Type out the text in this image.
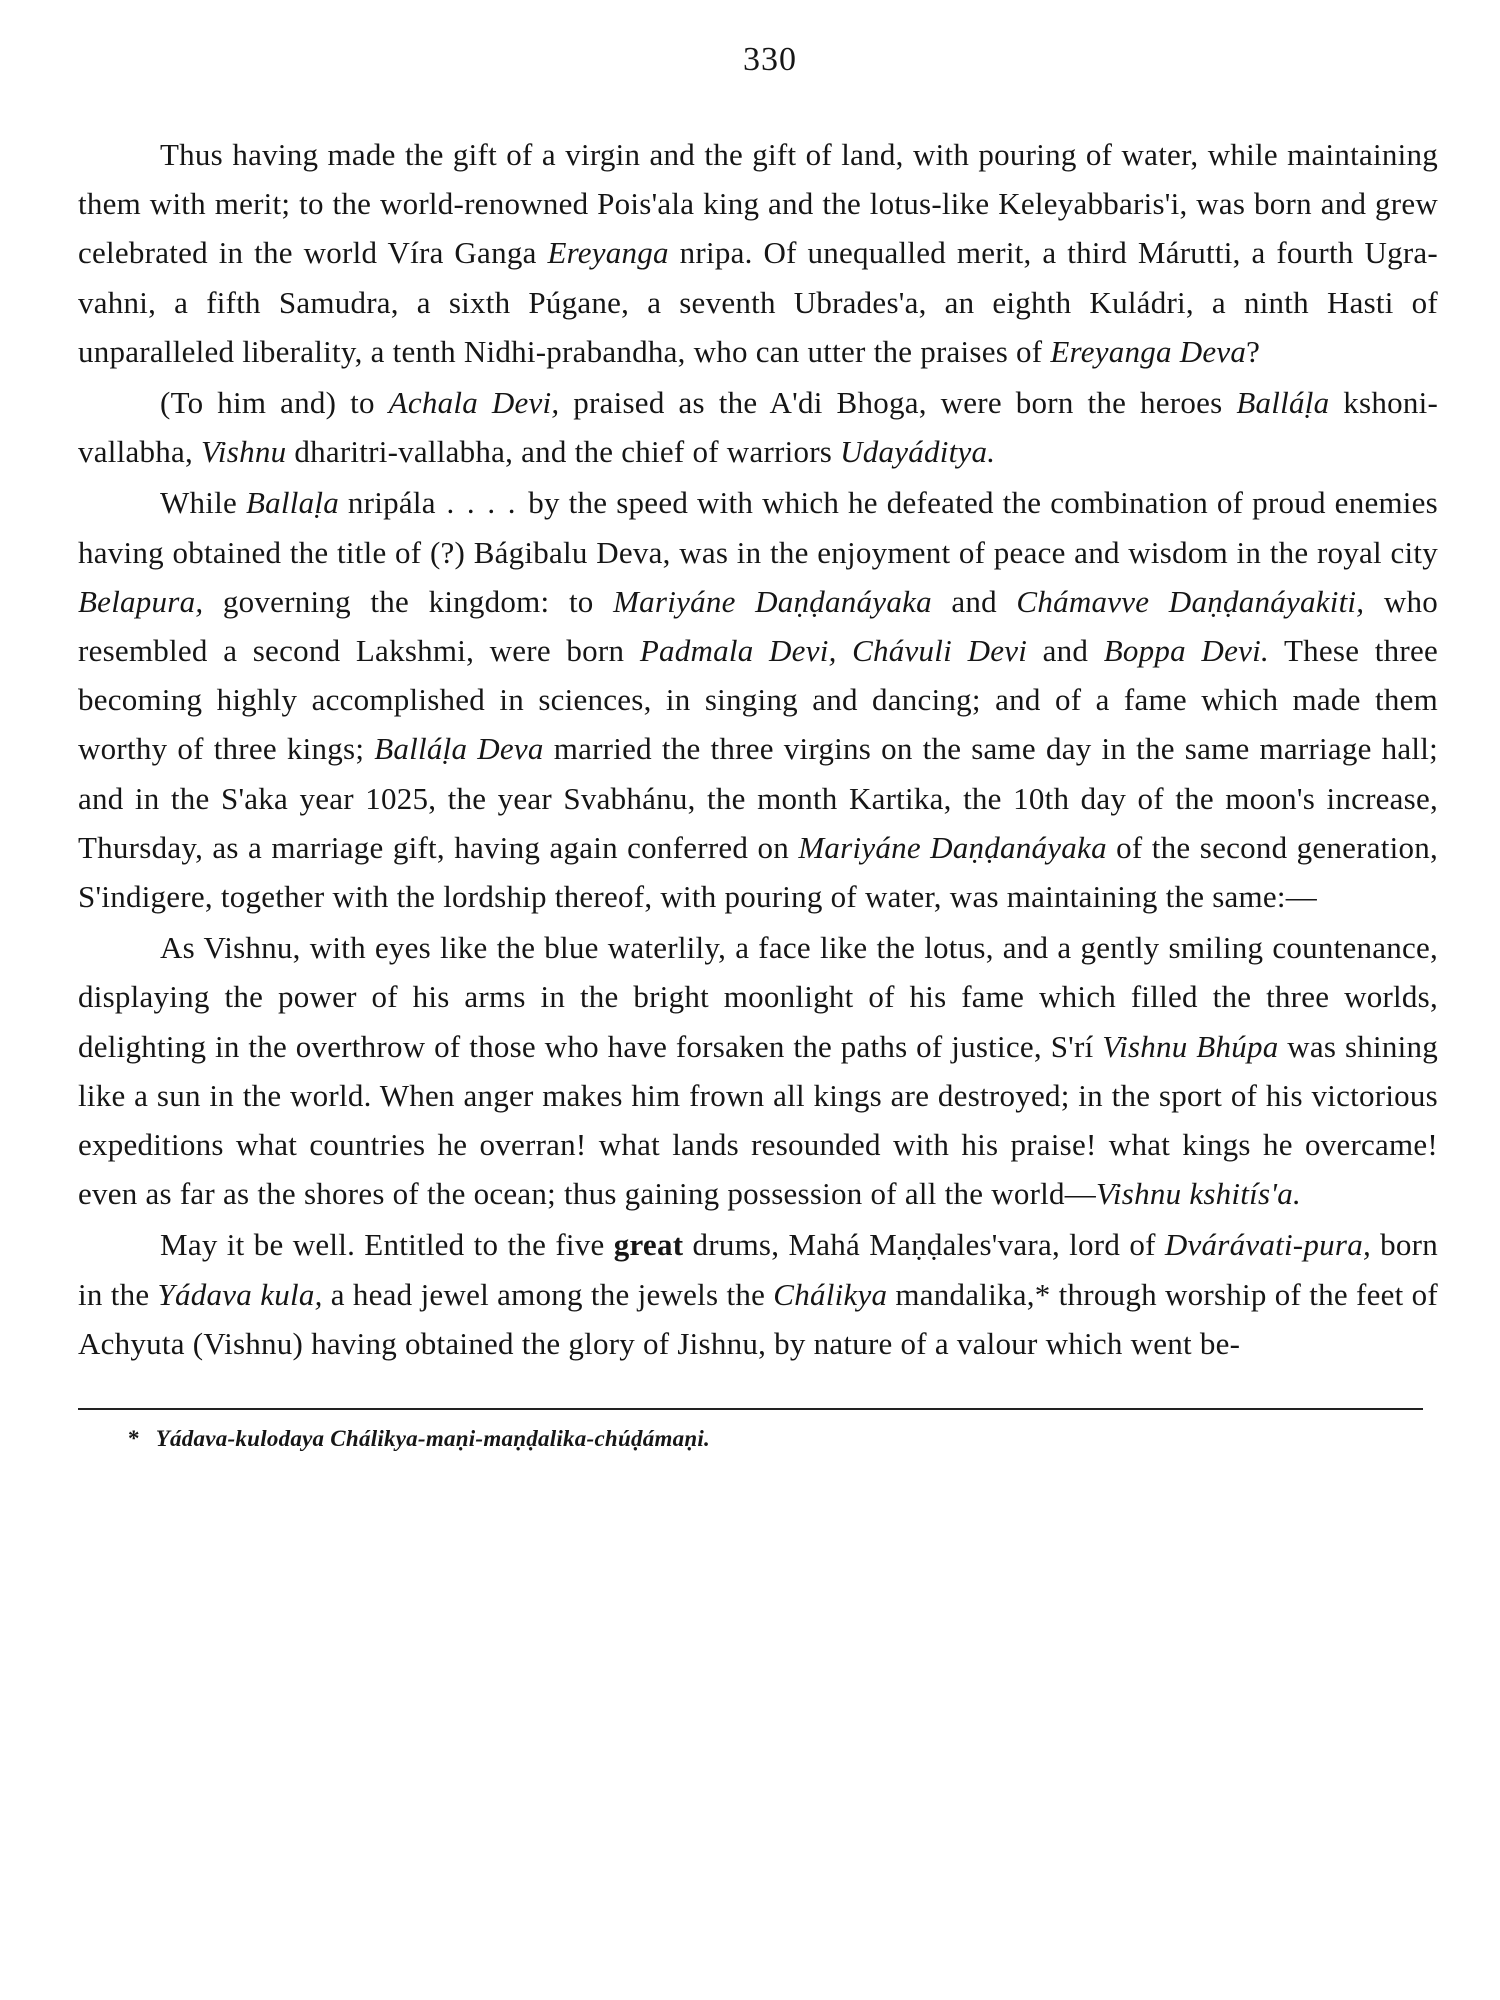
330

Thus having made the gift of a virgin and the gift of land, with pouring of water, while maintaining them with merit; to the world-renowned Pois'ala king and the lotus-like Keleyabbaris'i, was born and grew celebrated in the world Víra Ganga Ereyanga nripa. Of unequalled merit, a third Márutti, a fourth Ugra-vahni, a fifth Samudra, a sixth Púgane, a seventh Ubrades'a, an eighth Kuládri, a ninth Hasti of unparalleled liberality, a tenth Nidhi-prabandha, who can utter the praises of Ereyanga Deva?

(To him and) to Achala Devi, praised as the A'di Bhoga, were born the heroes Balláḷa kshoni-vallabha, Vishnu dharitri-vallabha, and the chief of warriors Udayáditya.

While Ballaḷa nripála . . . . by the speed with which he defeated the combination of proud enemies having obtained the title of (?) Bágibalu Deva, was in the enjoyment of peace and wisdom in the royal city Belapura, governing the kingdom: to Mariyáne Daṇḍanáyaka and Chámavve Daṇḍanáyakiti, who resembled a second Lakshmi, were born Padmala Devi, Chávuli Devi and Boppa Devi. These three becoming highly accomplished in sciences, in singing and dancing; and of a fame which made them worthy of three kings; Balláḷa Deva married the three virgins on the same day in the same marriage hall; and in the S'aka year 1025, the year Svabhánu, the month Kartika, the 10th day of the moon's increase, Thursday, as a marriage gift, having again conferred on Mariyáne Daṇḍanáyaka of the second generation, S'indigere, together with the lordship thereof, with pouring of water, was maintaining the same:—

As Vishnu, with eyes like the blue waterlily, a face like the lotus, and a gently smiling countenance, displaying the power of his arms in the bright moonlight of his fame which filled the three worlds, delighting in the overthrow of those who have forsaken the paths of justice, S'rí Vishnu Bhúpa was shining like a sun in the world. When anger makes him frown all kings are destroyed; in the sport of his victorious expeditions what countries he overran! what lands resounded with his praise! what kings he overcame! even as far as the shores of the ocean; thus gaining possession of all the world—Vishnu kshitís'a.

May it be well. Entitled to the five great drums, Mahá Maṇḍales'vara, lord of Dvárávati-pura, born in the Yádava kula, a head jewel among the jewels the Chálikya mandalika,* through worship of the feet of Achyuta (Vishnu) having obtained the glory of Jishnu, by nature of a valour which went be-

* Yádava-kulodaya Chálikya-maṇi-maṇḍalika-chúḍámaṇi.
